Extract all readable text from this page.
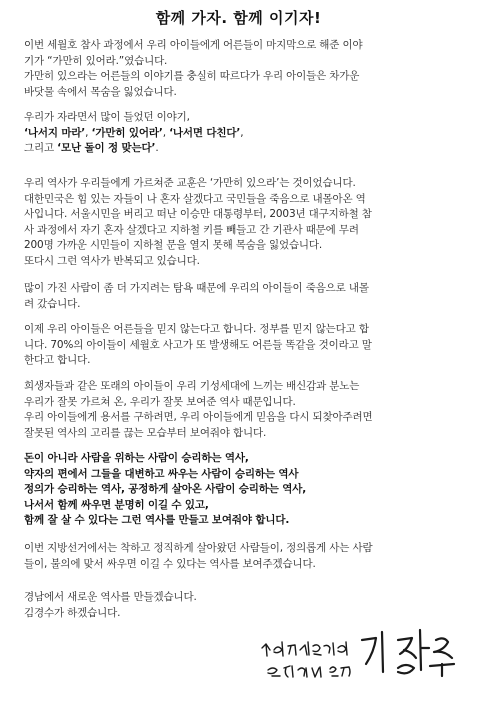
함께 가자. 함께 이기자!
이번 세월호 참사 과정에서 우리 아이들에게 어른들이 마지막으로 해준 이야
기가 “가만히 있어라.”였습니다.
가만히 있으라는 어른들의 이야기를 충실히 따르다가 우리 아이들은 차가운
바닷물 속에서 목숨을 잃었습니다.
우리가 자라면서 많이 들었던 이야기,
‘나서지 마라’, ‘가만히 있어라’, ‘나서면 다친다’,
그리고 ‘모난 돌이 정 맞는다’.
우리 역사가 우리들에게 가르쳐준 교훈은 ‘가만히 있으라’는 것이었습니다.
대한민국은 힘 있는 자들이 나 혼자 살겠다고 국민들을 죽음으로 내몰아온 역
사입니다. 서울시민을 버리고 떠난 이승만 대통령부터, 2003년 대구지하철 참
사 과정에서 자기 혼자 살겠다고 지하철 키를 빼들고 간 기관사 때문에 무려
200명 가까운 시민들이 지하철 문을 열지 못해 목숨을 잃었습니다.
또다시 그런 역사가 반복되고 있습니다.
많이 가진 사람이 좀 더 가지려는 탐욕 때문에 우리의 아이들이 죽음으로 내몰
려 갔습니다.
이제 우리 아이들은 어른들을 믿지 않는다고 합니다. 정부를 믿지 않는다고 합
니다. 70%의 아이들이 세월호 사고가 또 발생해도 어른들 똑같을 것이라고 말
한다고 합니다.
희생자들과 같은 또래의 아이들이 우리 기성세대에 느끼는 배신감과 분노는
우리가 잘못 가르쳐 온, 우리가 잘못 보여준 역사 때문입니다.
우리 아이들에게 용서를 구하려면, 우리 아이들에게 믿음을 다시 되찾아주려면
잘못된 역사의 고리를 끊는 모습부터 보여줘야 합니다.
돈이 아니라 사람을 위하는 사람이 승리하는 역사,
약자의 편에서 그들을 대변하고 싸우는 사람이 승리하는 역사
정의가 승리하는 역사, 공정하게 살아온 사람이 승리하는 역사,
나서서 함께 싸우면 분명히 이길 수 있고,
함께 잘 살 수 있다는 그런 역사를 만들고 보여줘야 합니다.
이번 지방선거에서는 착하고 정직하게 살아왔던 사람들이, 정의롭게 사는 사람
들이, 불의에 맞서 싸우면 이길 수 있다는 역사를 보여주겠습니다.
경남에서 새로운 역사를 만들겠습니다.
김경수가 하겠습니다.
새정치민주연합
경남도지사 후보	김경수
